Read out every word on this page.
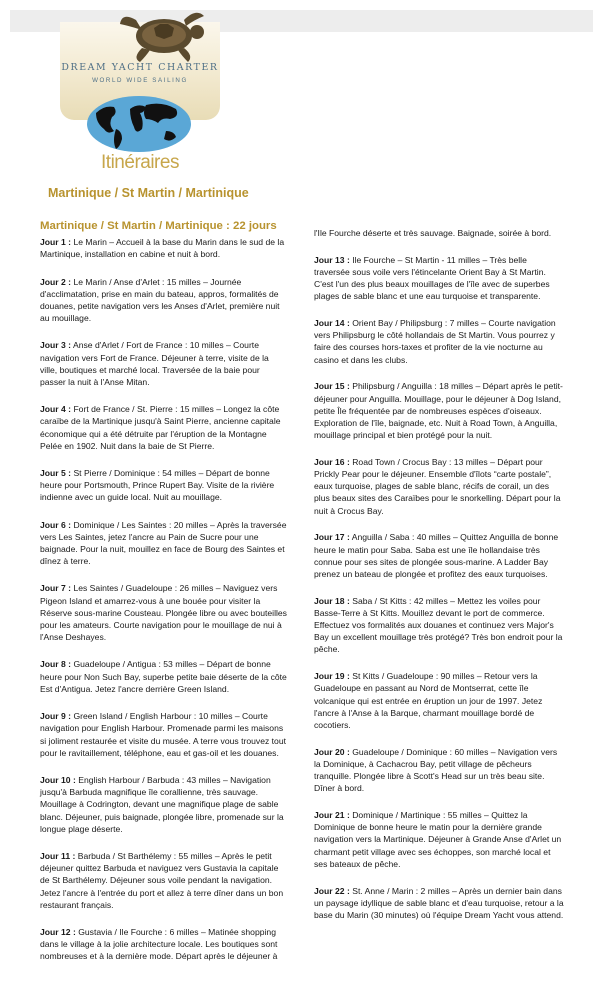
DREAM YACHT CHARTER
WORLD WIDE SAILING
Itinéraires
Martinique / St Martin / Martinique
Martinique / St Martin / Martinique : 22 jours
Jour 1 : Le Marin – Accueil à la base du Marin dans le sud de la Martinique, installation en cabine et nuit à bord.
Jour 2 : Le Marin / Anse d'Arlet : 15 milles – Journée d'acclimatation, prise en main du bateau, appros, formalités de douanes, petite navigation vers les Anses d'Arlet, première nuit au mouillage.
Jour 3 : Anse d'Arlet / Fort de France : 10 milles – Courte navigation vers Fort de France. Déjeuner à terre, visite de la ville, boutiques et marché local. Traversée de la baie pour passer la nuit à l'Anse Mitan.
Jour 4 : Fort de France / St. Pierre : 15 milles – Longez la côte caraïbe de la Martinique jusqu'à Saint Pierre, ancienne capitale économique qui a été détruite par l'éruption de la Montagne Pelée en 1902. Nuit dans la baie de St Pierre.
Jour 5 : St Pierre / Dominique : 54 milles – Départ de bonne heure pour Portsmouth, Prince Rupert Bay. Visite de la rivière indienne avec un guide local. Nuit au mouillage.
Jour 6 : Dominique / Les Saintes : 20 milles – Après la traversée vers Les Saintes, jetez l'ancre au Pain de Sucre pour une baignade. Pour la nuit, mouillez en face de Bourg des Saintes et dînez à terre.
Jour 7 : Les Saintes / Guadeloupe : 26 milles – Naviguez vers Pigeon Island et amarrez-vous à une bouée pour visiter la Réserve sous-marine Cousteau. Plongée libre ou avec bouteilles pour les amateurs. Courte navigation pour le mouillage de nui à l'Anse Deshayes.
Jour 8 : Guadeloupe / Antigua : 53 milles – Départ de bonne heure pour Non Such Bay, superbe petite baie déserte de la côte Est d'Antigua. Jetez l'ancre derrière Green Island.
Jour 9 : Green Island / English Harbour : 10 milles – Courte navigation pour English Harbour. Promenade parmi les maisons si joliment restaurée et visite du musée. A terre vous trouvez tout pour le ravitaillement, téléphone, eau et gas-oil et les douanes.
Jour 10 : English Harbour / Barbuda : 43 milles – Navigation jusqu'à Barbuda magnifique île corallienne, très sauvage. Mouillage à Codrington, devant une magnifique plage de sable blanc. Déjeuner, puis baignade, plongée libre, promenade sur la longue plage déserte.
Jour 11 : Barbuda / St Barthélemy : 55 milles – Après le petit déjeuner quittez Barbuda et naviguez vers Gustavia la capitale de St Barthélemy. Déjeuner sous voile pendant la navigation. Jetez l'ancre à l'entrée du port et allez à terre dîner dans un bon restaurant français.
Jour 12 : Gustavia / Ile Fourche : 6 milles – Matinée shopping dans le village à la jolie architecture locale. Les boutiques sont nombreuses et à la dernière mode. Départ après le déjeuner à
l'Ile Fourche déserte et très sauvage. Baignade, soirée à bord.
Jour 13 : Ile Fourche – St Martin - 11 milles – Très belle traversée sous voile vers l'étincelante Orient Bay à St Martin. C'est l'un des plus beaux mouillages de l'île avec de superbes plages de sable blanc et une eau turquoise et transparente.
Jour 14 : Orient Bay / Philipsburg : 7 milles – Courte navigation vers Philipsburg le côté hollandais de St Martin. Vous pourrez y faire des courses hors-taxes et profiter de la vie nocturne au casino et dans les clubs.
Jour 15 : Philipsburg / Anguilla : 18 milles – Départ après le petit-déjeuner pour Anguilla. Mouillage, pour le déjeuner à Dog Island, petite Île fréquentée par de nombreuses espèces d'oiseaux. Exploration de l'île, baignade, etc. Nuit à Road Town, à Anguilla, mouillage principal et bien protégé pour la nuit.
Jour 16 : Road Town / Crocus Bay : 13 milles – Départ pour Prickly Pear pour le déjeuner. Ensemble d'îlots “carte postale”, eaux turquoise, plages de sable blanc, récifs de corail, un des plus beaux sites des Caraïbes pour le snorkelling. Départ pour la nuit à Crocus Bay.
Jour 17 : Anguilla / Saba : 40 milles – Quittez Anguilla de bonne heure le matin pour Saba. Saba est une île hollandaise très connue pour ses sites de plongée sous-marine. A Ladder Bay prenez un bateau de plongée et profitez des eaux turquoises.
Jour 18 : Saba / St Kitts : 42 milles – Mettez les voiles pour Basse-Terre à St Kitts. Mouillez devant le port de commerce. Effectuez vos formalités aux douanes et continuez vers Major's Bay un excellent mouillage très protégé? Très bon endroit pour la pêche.
Jour 19 : St Kitts / Guadeloupe : 90 milles – Retour vers la Guadeloupe en passant au Nord de Montserrat, cette île volcanique qui est entrée en éruption un jour de 1997. Jetez l'ancre à l'Anse à la Barque, charmant mouillage bordé de cocotiers.
Jour 20 : Guadeloupe / Dominique : 60 milles – Navigation vers la Dominique, à Cachacrou Bay, petit village de pêcheurs tranquille. Plongée libre à Scott's Head sur un très beau site. Dîner à bord.
Jour 21 : Dominique / Martinique : 55 milles – Quittez la Dominique de bonne heure le matin pour la dernière grande navigation vers la Martinique. Déjeuner à Grande Anse d'Arlet un charmant petit village avec ses échoppes, son marché local et ses bateaux de pêche.
Jour 22 : St. Anne / Marin : 2 milles – Après un dernier bain dans un paysage idyllique de sable blanc et d'eau turquoise, retour a la base du Marin (30 minutes) où l'équipe Dream Yacht vous attend.
